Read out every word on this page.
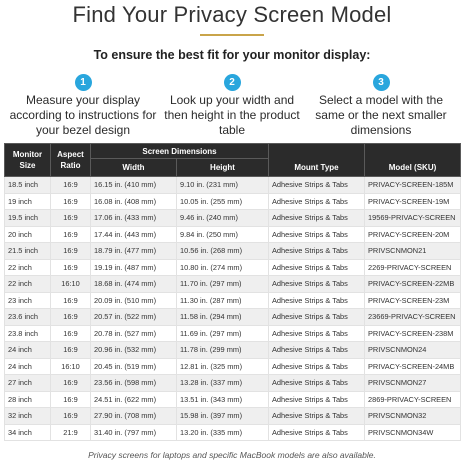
Find Your Privacy Screen Model
To ensure the best fit for your monitor display:
1
Measure your display according to instructions for your bezel design
2
Look up your width and then height in the product table
3
Select a model with the same or the next smaller dimensions
Monitor Size	Aspect Ratio	Screen Dimensions		Mount Type	Model (SKU)
		Width	Height		
18.5 inch	16:9	16.15 in. (410 mm)	9.10 in. (231 mm)	Adhesive Strips & Tabs	PRIVACY-SCREEN-185M
19 inch	16:9	16.08 in. (408 mm)	10.05 in. (255 mm)	Adhesive Strips & Tabs	PRIVACY-SCREEN-19M
19.5 inch	16:9	17.06 in. (433 mm)	9.46 in. (240 mm)	Adhesive Strips & Tabs	19569-PRIVACY-SCREEN
20 inch	16:9	17.44 in. (443 mm)	9.84 in. (250 mm)	Adhesive Strips & Tabs	PRIVACY-SCREEN-20M
21.5 inch	16:9	18.79 in. (477 mm)	10.56 in. (268 mm)	Adhesive Strips & Tabs	PRIVSCNMON21
22 inch	16:9	19.19 in. (487 mm)	10.80 in. (274 mm)	Adhesive Strips & Tabs	2269-PRIVACY-SCREEN
22 inch	16:10	18.68 in. (474 mm)	11.70 in. (297 mm)	Adhesive Strips & Tabs	PRIVACY-SCREEN-22MB
23 inch	16:9	20.09 in. (510 mm)	11.30 in. (287 mm)	Adhesive Strips & Tabs	PRIVACY-SCREEN-23M
23.6 inch	16:9	20.57 in. (522 mm)	11.58 in. (294 mm)	Adhesive Strips & Tabs	23669-PRIVACY-SCREEN
23.8 inch	16:9	20.78 in. (527 mm)	11.69 in. (297 mm)	Adhesive Strips & Tabs	PRIVACY-SCREEN-238M
24 inch	16:9	20.96 in. (532 mm)	11.78 in. (299 mm)	Adhesive Strips & Tabs	PRIVSCNMON24
24 inch	16:10	20.45 in. (519 mm)	12.81 in. (325 mm)	Adhesive Strips & Tabs	PRIVACY-SCREEN-24MB
27 inch	16:9	23.56 in. (598 mm)	13.28 in. (337 mm)	Adhesive Strips & Tabs	PRIVSCNMON27
28 inch	16:9	24.51 in. (622 mm)	13.51 in. (343 mm)	Adhesive Strips & Tabs	2869-PRIVACY-SCREEN
32 inch	16:9	27.90 in. (708 mm)	15.98 in. (397 mm)	Adhesive Strips & Tabs	PRIVSCNMON32
34 inch	21:9	31.40 in. (797 mm)	13.20 in. (335 mm)	Adhesive Strips & Tabs	PRIVSCNMON34W
Privacy screens for laptops and specific MacBook models are also available.
